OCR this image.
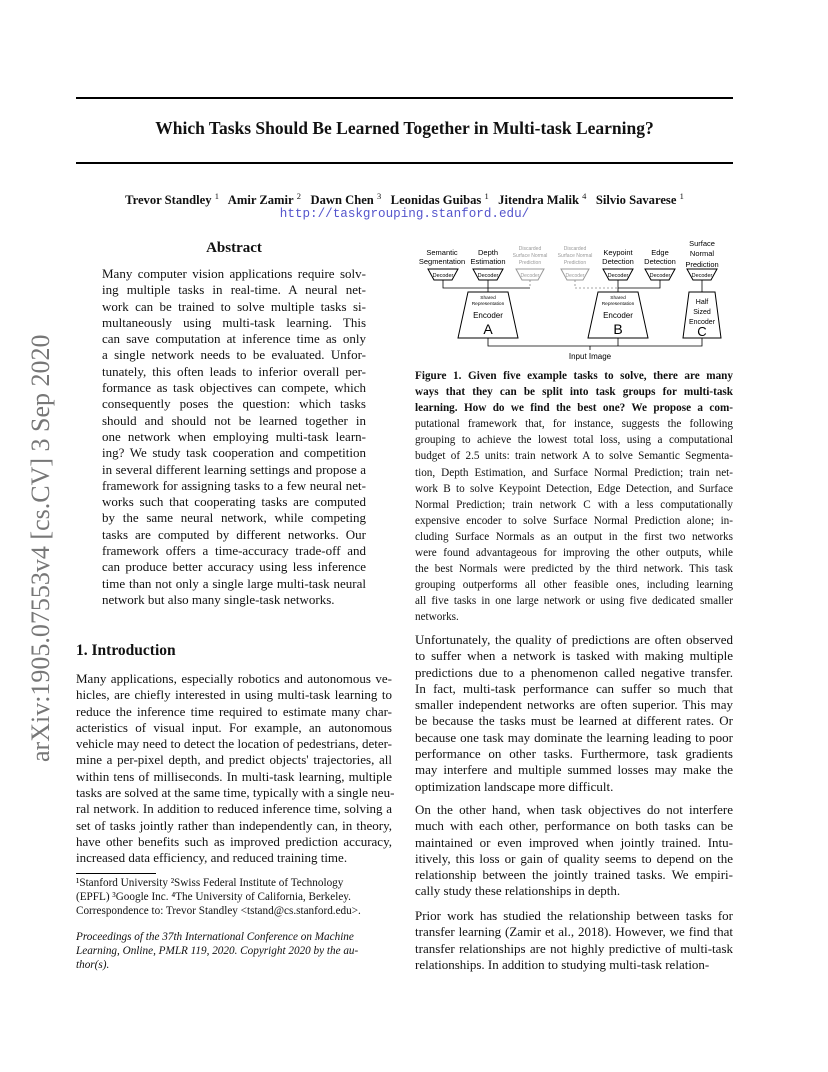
Which Tasks Should Be Learned Together in Multi-task Learning?
Trevor Standley $^1$ Amir Zamir $^2$ Dawn Chen $^3$ Leonidas Guibas $^1$ Jitendra Malik $^4$ Silvio Savarese $^1$
http://taskgrouping.stanford.edu/
arXiv:1905.07553v4 [cs.CV] 3 Sep 2020
Abstract
Many computer vision applications require solv-
ing multiple tasks in real-time. A neural net-
work can be trained to solve multiple tasks si-
multaneously using multi-task learning. This
can save computation at inference time as only
a single network needs to be evaluated. Unfor-
tunately, this often leads to inferior overall per-
formance as task objectives can compete, which
consequently poses the question: which tasks
should and should not be learned together in
one network when employing multi-task learn-
ing? We study task cooperation and competition
in several different learning settings and propose a
framework for assigning tasks to a few neural net-
works such that cooperating tasks are computed
by the same neural network, while competing
tasks are computed by different networks. Our
framework offers a time-accuracy trade-off and
can produce better accuracy using less inference
time than not only a single large multi-task neural
network but also many single-task networks.
1. Introduction
Many applications, especially robotics and autonomous ve-
hicles, are chiefly interested in using multi-task learning to
reduce the inference time required to estimate many char-
acteristics of visual input. For example, an autonomous
vehicle may need to detect the location of pedestrians, deter-
mine a per-pixel depth, and predict objects' trajectories, all
within tens of milliseconds. In multi-task learning, multiple
tasks are solved at the same time, typically with a single neu-
ral network. In addition to reduced inference time, solving a
set of tasks jointly rather than independently can, in theory,
have other benefits such as improved prediction accuracy,
increased data efficiency, and reduced training time.
¹Stanford University ²Swiss Federal Institute of Technology
(EPFL) ³Google Inc. ⁴The University of California, Berkeley.
Correspondence to: Trevor Standley <tstand@cs.stanford.edu>.
Proceedings of the 37th International Conference on Machine
Learning, Online, PMLR 119, 2020. Copyright 2020 by the au-
thor(s).
Semantic
Segmentation
Depth
Estimation
Discarded
Surface Normal
Prediction
Discarded
Surface Normal
Prediction
Keypoint
Detection
Edge
Detection
Surface
Normal
Prediction
Decoder	Decoder	Decoder	Decoder	Decoder	Decoder	Decoder
Shared
Representation
Encoder
A
Shared
Representation
Encoder
B
Half
Sized
Encoder
C
Input Image
Figure 1. Given five example tasks to solve, there are many
ways that they can be split into task groups for multi-task
learning. How do we find the best one? We propose a com-
putational framework that, for instance, suggests the following
grouping to achieve the lowest total loss, using a computational
budget of 2.5 units: train network A to solve Semantic Segmenta-
tion, Depth Estimation, and Surface Normal Prediction; train net-
work B to solve Keypoint Detection, Edge Detection, and Surface
Normal Prediction; train network C with a less computationally
expensive encoder to solve Surface Normal Prediction alone; in-
cluding Surface Normals as an output in the first two networks
were found advantageous for improving the other outputs, while
the best Normals were predicted by the third network. This task
grouping outperforms all other feasible ones, including learning
all five tasks in one large network or using five dedicated smaller
networks.
Unfortunately, the quality of predictions are often observed
to suffer when a network is tasked with making multiple
predictions due to a phenomenon called negative transfer.
In fact, multi-task performance can suffer so much that
smaller independent networks are often superior. This may
be because the tasks must be learned at different rates. Or
because one task may dominate the learning leading to poor
performance on other tasks. Furthermore, task gradients
may interfere and multiple summed losses may make the
optimization landscape more difficult.
On the other hand, when task objectives do not interfere
much with each other, performance on both tasks can be
maintained or even improved when jointly trained. Intu-
itively, this loss or gain of quality seems to depend on the
relationship between the jointly trained tasks. We empiri-
cally study these relationships in depth.
Prior work has studied the relationship between tasks for
transfer learning (Zamir et al., 2018). However, we find that
transfer relationships are not highly predictive of multi-task
relationships. In addition to studying multi-task relation-
